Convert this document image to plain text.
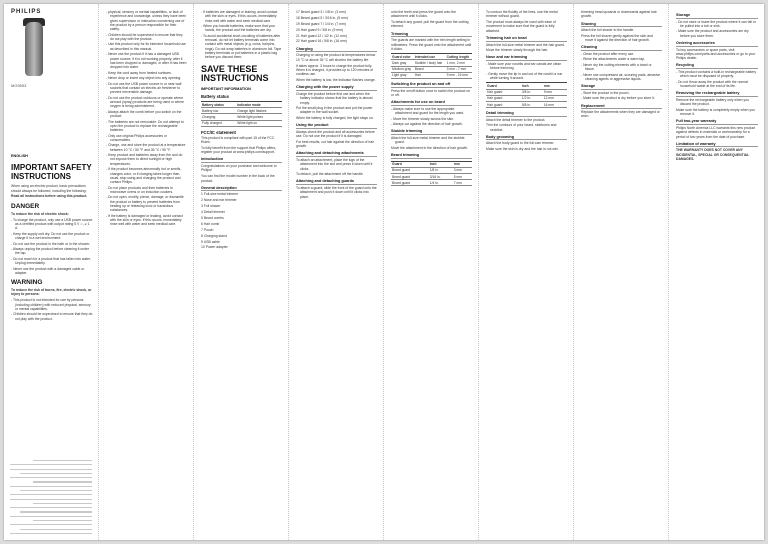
PHILIPS
MG9553
ENGLISH
IMPORTANT SAFETY INSTRUCTIONS
When using an electric product, basic precautions should always be followed, including the following:
Read all instructions before using this product.
DANGER
To reduce the risk of electric shock:
- To charge the product, only use a USB power source as a certified product with output rating 5 V ⎓, ≥ 1 A.
- Keep the supply unit dry. Do not use the product or charge it in a wet environment.
- Do not use the product in the bath or in the shower.
- Always unplug the product before cleaning it under the tap.
- Do not reach for a product that has fallen into water. Unplug immediately.
- Never use the product with a damaged cable or adapter.
WARNING
To reduce the risk of burns, fire, electric shock, or injury to persons:
- This product is not intended for use by persons (including children) with reduced physical, sensory or mental capabilities.
- Children should be supervised to ensure that they do not play with the product.
- physical, sensory or mental capabilities, or lack of experience and knowledge, unless they have been given supervision or instruction concerning use of the product by a person responsible for their safety.
- Children should be supervised to ensure that they do not play with the product.
- Use this product only for its intended household use as described in this manual.
- Never use the product if it has a damaged USB power source, if it is not working properly, after it has been dropped or damaged, or after it has been dropped into water.
- Keep the cord away from heated surfaces.
- Never drop or insert any object into any opening.
- Do not use the USB power source in or near wall sockets that contain an electric air freshener to prevent irreversible damage.
- Do not use the product outdoors or operate where aerosol (spray) products are being used or where oxygen is being administered.
- Always attach the comb before you switch on the product.
- The batteries are not removable. Do not attempt to open the product to replace the rechargeable batteries.
- Only use original Philips accessories or consumables.
- Charge, use and store the product at a temperature between 10 °C / 50 °F and 35 °C / 95 °F.
- Keep product and batteries away from fire and do not expose them to direct sunlight or high temperatures.
- If the product becomes abnormally hot or smells, changes color, or if charging takes longer than usual, stop using and charging the product and contact Philips.
- Do not place products and their batteries in microwave ovens or on induction cookers.
- Do not open, modify, pierce, damage, or dismantle the product or battery to prevent batteries from heating up or releasing toxic or hazardous substances.
- If the battery is damaged or leaking, avoid contact with the skin or eyes. If this occurs, immediately rinse well with water and seek medical care.
- If batteries are damaged or leaking, avoid contact with the skin or eyes. If this occurs, immediately rinse well with water and seek medical care.
- When you handle batteries, make sure that your hands, the product and the batteries are dry.
- To avoid accidental short-circuiting of batteries after removal, do not let battery terminals come into contact with metal objects (e.g. coins, hairpins, rings). Do not wrap batteries in aluminum foil. Tape battery terminals or put batteries in a plastic bag before you discard them.
SAVE THESE INSTRUCTIONS
IMPORTANT INFORMATION
Battery status
Battery status	Indicator mode
Battery low	Orange light flashes
Charging	White light pulses
Fully charged	White light on
FCC/IC statement
This product is compliant with part 15 of the FCC Rules.
To fully benefit from the support that Philips offers, register your product at www.philips.com/support.
Introduction
Congratulations on your purchase and welcome to Philips!
You can find the model number in the back of the product.
General description
1 Full-size metal trimmer
2 Nose and ear trimmer
3 Foil shaver
4 Detail trimmer
5 Beard combs
6 Hair comb
7 Pouch
8 Charging stand
9 USB cable
10 Power adapter
17 Beard guard 3 / 1/8 in. (3 mm)
18 Beard guard 5 / 3/16 in. (5 mm)
19 Beard guard 7 / 1/4 in. (7 mm)
20 Hair guard 9 / 3/8 in. (9 mm)
21 Hair guard 12 / 1/2 in. (12 mm)
22 Hair guard 16 / 5/8 in. (16 mm)
Charging
Charging or using the product at temperatures below 10 °C or above 35 °C will shorten the battery life.
It takes approx. 3 hours to charge the product fully. When it is charged, it provides up to 120 minutes of cordless use.
When the battery is low, the indicator flashes orange.
Charging with the power supply
Charge the product before first use and when the battery indicator shows that the battery is almost empty.
Put the small plug in the product and put the power adapter in the wall socket.
When the battery is fully charged, the light stays on.
Using the product
Always check the product and all accessories before use. Do not use the product if it is damaged.
For best results, cut hair against the direction of hair growth.
Attaching and detaching attachments
To attach an attachment, place the lugs of the attachment into the slot and press it down until it clicks.
To detach, pull the attachment off the handle.
Attaching and detaching guards
To attach a guard, slide the front of the guard onto the attachment and push it down until it clicks into place.
onto the teeth and press the guard onto the attachment until it clicks.
To detach any guard, pull the guard from the cutting element.
Trimming
The guards are marked with the trim length setting in millimeters. Press the guard onto the attachment until it clicks.
Guard color	Intended use	Cutting length
Dark gray	Stubble / body hair	1 mm, 2 mm
Medium gray	Beard	3 mm - 7 mm
Light gray	Hair	9 mm - 16 mm
Switching the product on and off
Press the on/off button once to switch the product on or off.
Attachments for use on beard
- Always make sure to use the appropriate attachment and guard for the length you want.
- Move the trimmer slowly across the skin.
- Always cut against the direction of hair growth.
Stubble trimming
Attach the full-size metal trimmer and the stubble guard.
Move the attachment in the direction of hair growth.
Beard trimming
Guard	Inch	mm
Beard guard	1/8 in.	3 mm
Beard guard	3/16 in.	5 mm
Beard guard	1/4 in.	7 mm
To contour the fluidity of the lines, use the metal trimmer without guard.
The product must always be used with ease of movement to make sure that the guard is fully attached.
Trimming hair on head
Attach the full-size metal trimmer and the hair guard.
Move the trimmer slowly through the hair.
Nose and ear trimming
- Make sure your nostrils and ear canals are clean before trimming.
- Gently move the tip in and out of the nostril or ear while turning it around.
Guard	Inch	mm
Hair guard	3/8 in.	9 mm
Hair guard	1/2 in.	12 mm
Hair guard	5/8 in.	16 mm
Detail trimming
Attach the detail trimmer to the product.
Trim the contours of your beard, sideburns and neckline.
Body grooming
Attach the body guard to the full-size trimmer.
Make sure the skin is dry and the hair is not wet.
trimming head upwards or downwards against hair growth.
Shaving
Attach the foil shaver to the handle.
Press the foil shaver gently against the skin and move it against the direction of hair growth.
Cleaning
- Clean the product after every use.
- Rinse the attachments under a warm tap.
- Never dry the cutting elements with a towel or tissue.
- Never use compressed air, scouring pads, abrasive cleaning agents or aggressive liquids.
Storage
- Store the product in the pouch.
- Make sure the product is dry before you store it.
Replacement
Replace the attachments when they are damaged or worn.
Storage
- Do not store or leave the product where it can fall or be pulled into a tub or sink.
- Make sure the product and accessories are dry before you store them.
Ordering accessories
To buy accessories or spare parts, visit www.philips.com/parts-and-accessories or go to your Philips dealer.
Recycling
- This product contains a built-in rechargeable battery which must be disposed of properly.
- Do not throw away the product with the normal household waste at the end of its life.
Removing the rechargeable battery
Remove the rechargeable battery only when you discard the product.
Make sure the battery is completely empty when you remove it.
Full two-year warranty
Philips North America LLC warrants this new product against defects in materials or workmanship for a period of two years from the date of purchase.
Limitation of warranty
THE WARRANTY DOES NOT COVER ANY INCIDENTAL, SPECIAL OR CONSEQUENTIAL DAMAGES.
